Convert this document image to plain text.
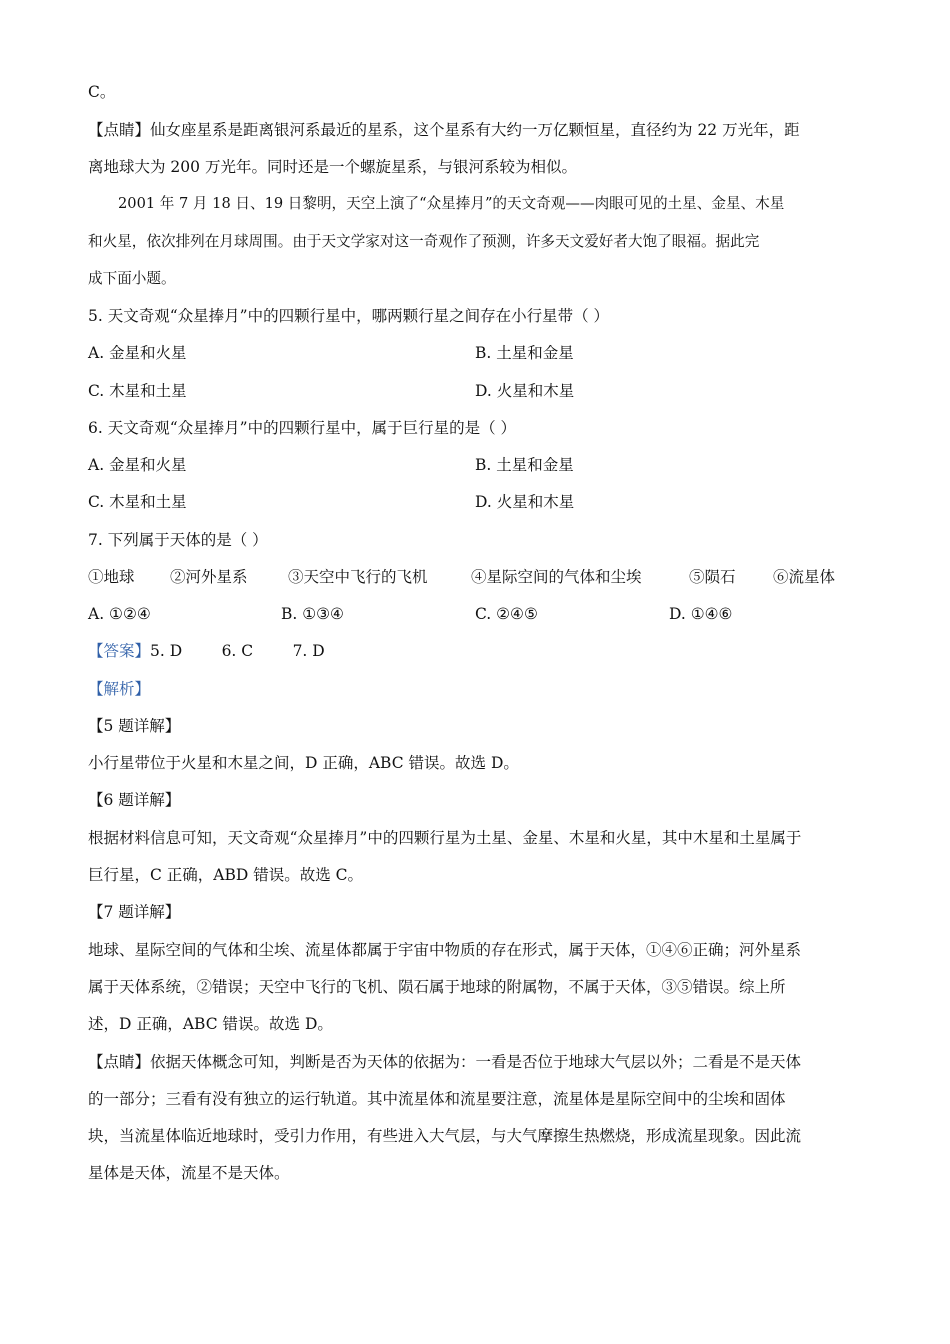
C。
【点睛】仙女座星系是距离银河系最近的星系，这个星系有大约一万亿颗恒星，直径约为 22 万光年，距
离地球大为 200 万光年。同时还是一个螺旋星系，与银河系较为相似。
2001 年 7 月 18 日、19 日黎明，天空上演了“众星捧月”的天文奇观——肉眼可见的土星、金星、木星
和火星，依次排列在月球周围。由于天文学家对这一奇观作了预测，许多天文爱好者大饱了眼福。据此完
成下面小题。
5. 天文奇观“众星捧月”中的四颗行星中，哪两颗行星之间存在小行星带（ ）
A. 金星和火星	B. 土星和金星
C. 木星和土星	D. 火星和木星
6. 天文奇观“众星捧月”中的四颗行星中，属于巨行星的是（ ）
A. 金星和火星	B. 土星和金星
C. 木星和土星	D. 火星和木星
7. 下列属于天体的是（ ）
①地球 ②河外星系	③天空中飞行的飞机	④星际空间的气体和尘埃	⑤陨石 ⑥流星体
A. ①②④	B. ①③④	C. ②④⑤	D. ①④⑥
【答案】5. D        6. C        7. D
【解析】
【5 题详解】
小行星带位于火星和木星之间，D 正确，ABC 错误。故选 D。
【6 题详解】
根据材料信息可知，天文奇观“众星捧月”中的四颗行星为土星、金星、木星和火星，其中木星和土星属于
巨行星，C 正确，ABD 错误。故选 C。
【7 题详解】
地球、星际空间的气体和尘埃、流星体都属于宇宙中物质的存在形式，属于天体，①④⑥正确；河外星系
属于天体系统，②错误；天空中飞行的飞机、陨石属于地球的附属物，不属于天体，③⑤错误。综上所
述，D 正确，ABC 错误。故选 D。
【点睛】依据天体概念可知，判断是否为天体的依据为：一看是否位于地球大气层以外；二看是不是天体
的一部分；三看有没有独立的运行轨道。其中流星体和流星要注意，流星体是星际空间中的尘埃和固体
块，当流星体临近地球时，受引力作用，有些进入大气层，与大气摩擦生热燃烧，形成流星现象。因此流
星体是天体，流星不是天体。
